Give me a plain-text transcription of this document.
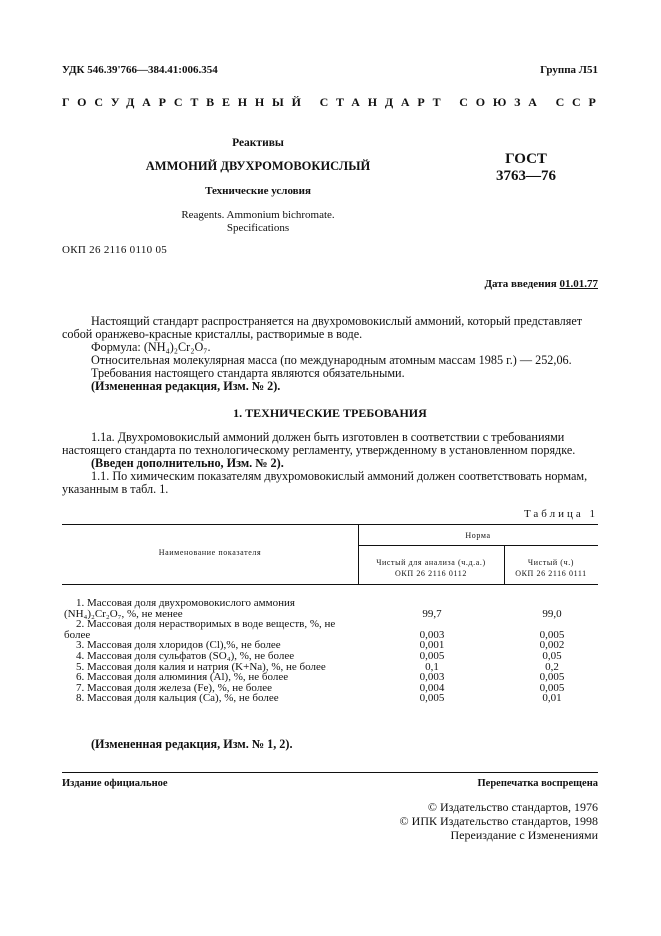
УДК 546.39'766—384.41:006.354	Группа Л51
ГОСУДАРСТВЕННЫЙ СТАНДАРТ СОЮЗА ССР
Реактивы
АММОНИЙ ДВУХРОМОВОКИСЛЫЙ
Технические условия
Reagents. Ammonium bichromate.
Specifications
ГОСТ
3763—76
ОКП 26 2116 0110 05
Дата введения 01.01.77
Настоящий стандарт распространяется на двухромовокислый аммоний, который представляет
собой оранжево-красные кристаллы, растворимые в воде.
Формула: (NH₄)₂Cr₂O₇.
Относительная молекулярная масса (по международным атомным массам 1985 г.) — 252,06.
Требования настоящего стандарта являются обязательными.
(Измененная редакция, Изм. № 2).
1. ТЕХНИЧЕСКИЕ ТРЕБОВАНИЯ
1.1а. Двухромовокислый аммоний должен быть изготовлен в соответствии с требованиями
настоящего стандарта по технологическому регламенту, утвержденному в установленном порядке.
(Введен дополнительно, Изм. № 2).
1.1. По химическим показателям двухромовокислый аммоний должен соответствовать нормам,
указанным в табл. 1.
Таблица 1
Наименование показателя
Норма
Чистый для анализа (ч.д.а.)
ОКП 26 2116 0112
Чистый (ч.)
ОКП 26 2116 0111
1. Массовая доля двухромовокислого аммония
(NH₄)₂Cr₂O₇, %, не менее	99,7	99,0
2. Массовая доля нерастворимых в воде веществ, %, не
более	0,003	0,005
3. Массовая доля хлоридов (Cl),%, не более	0,001	0,002
4. Массовая доля сульфатов (SO₄), %, не более	0,005	0,05
5. Массовая доля калия и натрия (K+Na), %, не более	0,1	0,2
6. Массовая доля алюминия (Al), %, не более	0,003	0,005
7. Массовая доля железа (Fe), %, не более	0,004	0,005
8. Массовая доля кальция (Ca), %, не более	0,005	0,01
(Измененная редакция, Изм. № 1, 2).
Издание официальное	Перепечатка воспрещена
© Издательство стандартов, 1976
© ИПК Издательство стандартов, 1998
Переиздание с Изменениями
